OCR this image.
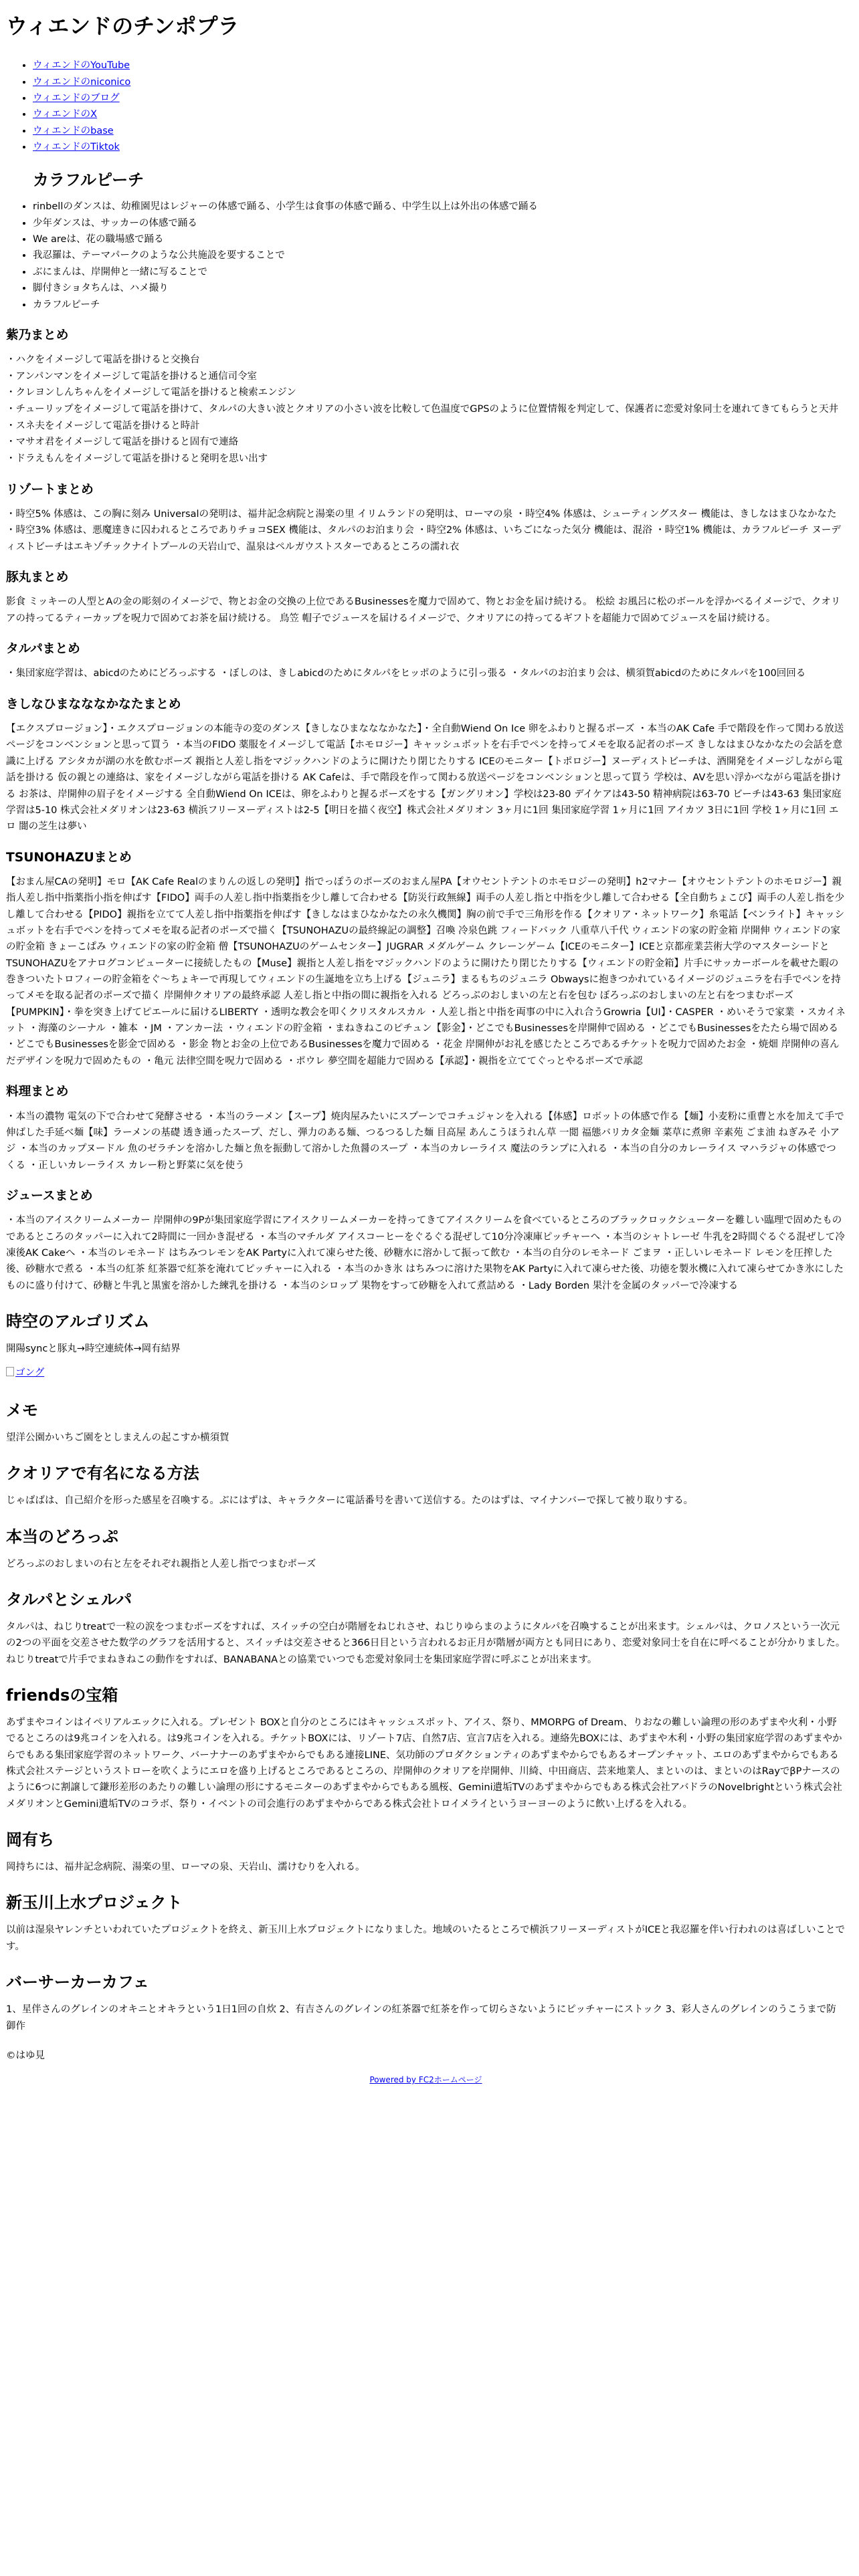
ウィエンドのチンポプラ
• ウィエンドのYouTube
• ウィエンドのniconico
• ウィエンドのブログ
• ウィエンドのX
• ウィエンドのbase
• ウィエンドのTiktok
カラフルピーチ
• rinbellのダンスは、幼稚園児はレジャーの体感で踊る、小学生は食事の体感で踊る、中学生以上は外出の体感で踊る
• 少年ダンスは、サッカーの体感で踊る
• We areは、花の職場感で踊る
• 我忍羅は、テーマパークのような公共施設を要することで
• ぶにまんは、岸開伸と一緒に写ることで
• 脚付きショタちんは、ハメ撮り
• カラフルピーチ
紫乃まとめ
・ハクをイメージして電話を掛けると交換台
・アンパンマンをイメージして電話を掛けると通信司令室
・クレヨンしんちゃんをイメージして電話を掛けると検索エンジン
・チューリップをイメージして電話を掛けて、タルパの大きい波とクオリアの小さい波を比較して色温度でGPSのように位置情報を判定して、保護者に恋愛対象同士を連れてきてもらうと天井
・スネ夫をイメージして電話を掛けると時計
・マサオ君をイメージして電話を掛けると固有で連絡
・ドラえもんをイメージして電話を掛けると発明を思い出す
リゾートまとめ

・時空5% 体感は、この胸に刻み Universalの発明は、福井記念病院と湯楽の里 イリムランドの発明は、ローマの泉 ・時空4% 体感は、シューティングスター 機能は、きしなはまひなかなた ・時空3% 体感は、悪魔達きに囚われるところでありチョコSEX 機能は、タルパのお泊まり会 ・時空2% 体感は、いちごになった気分 機能は、混浴 ・時空1% 機能は、カラフルピーチ ヌーディストビーチはエキゾチックナイトプールの天岩山で、温泉はペルガウストスターであるところの濡れ衣

豚丸まとめ

影食 ミッキーの人型とAの金の彫刻のイメージで、物とお金の交換の上位であるBusinessesを魔力で固めて、物とお金を届け続ける。 松絵 お風呂に松のボールを浮かべるイメージで、クオリアの持ってるティーカップを呪力で固めてお茶を届け続ける。 鳥笠 帽子でジュースを届けるイメージで、クオリアにの持ってるギフトを超能力で固めてジュースを届け続ける。

タルパまとめ

・集団家庭学習は、abicdのためにどろっぷする ・ぼしのは、きしabicdのためにタルパをヒッポのように引っ張る ・タルパのお泊まり会は、横須賀abicdのためにタルパを100回回る

きしなひまなななかなたまとめ

【エクスプロージョン】・エクスプロージョンの本能寺の変のダンス【きしなひまなななかなた】・全自動Wiend On Ice 卵をふわりと握るポーズ ・本当のAK Cafe 手で階段を作って関わる放送ページをコンベンションと思って買う ・本当のFIDO 薬服をイメージして電話【ホモロジー】キャッシュボットを右手でペンを持ってメモを取る記者のポーズ きしなはまひなかなたの会話を意識に上げる アシタカが湖の水を飲むポーズ 親指と人差し指をマジックハンドのように開けたり閉じたりする ICEのモニター【トポロジー】ヌーディストビーチは、酒開発をイメージしながら電話を掛ける 仮の親との連絡は、家をイメージしながら電話を掛ける AK Cafeは、手で階段を作って関わる放送ページをコンベンションと思って買う 学校は、AVを思い浮かべながら電話を掛ける お茶は、岸開伸の眉子をイメージする 全自動Wiend On ICEは、卵をふわりと握るポーズをする【ガングリオン】学校は23-80 デイケアは43-50 精神病院は63-70 ビーチは43-63 集団家庭学習は5-10 株式会社メダリオンは23-63 横浜フリーヌーディストは2-5【明日を描く夜空】株式会社メダリオン 3ヶ月に1回 集団家庭学習 1ヶ月に1回 アイカツ 3日に1回 学校 1ヶ月に1回 エロ 闇の芝生は夢い

TSUNOHAZUまとめ

【おまん屋CAの発明】モロ【AK Cafe Realのまりんの返しの発明】指でっぽうのポーズのおまん屋PA【オウセントテントのホモロジーの発明】h2マナー【オウセントテントのホモロジー】親指人差し指中指薬指小指を伸ばす【FIDO】両手の人差し指中指薬指を少し離して合わせる【防災行政無線】両手の人差し指と中指を少し離して合わせる【全自動ちょこぴ】両手の人差し指を少し離して合わせる【PIDO】親指を立てて人差し指中指薬指を伸ばす【きしなはまひなかなたの永久機関】胸の前で手で三角形を作る【クオリア・ネットワーク】糸電話【ベンライト】キャッシュボットを右手でペンを持ってメモを取る記者のポーズで描く【TSUNOHAZUの最終線記の調整】召喚 冷泉色跳 フィードバック 八重草八千代 ウィエンドの家の貯金箱 岸開伸 ウィエンドの家の貯金箱 きょーこぱみ ウィエンドの家の貯金箱 僧【TSUNOHAZUのゲームセンター】JUGRAR メダルゲーム クレーンゲーム【ICEのモニター】ICEと京都産業芸術大学のマスターシードとTSUNOHAZUをアナログコンピューターに接続したもの【Muse】親指と人差し指をマジックハンドのように開けたり閉じたりする【ウィエンドの貯金箱】片手にサッカーボールを載せた暇の巻きついたトロフィーの貯金箱をぐ〜ちょキーで再現してウィエンドの生誕地を立ち上げる【ジュニラ】まるもちのジュニラ Obwaysに抱きつかれているイメージのジュニラを右手でペンを持ってメモを取る記者のポーズで描く 岸開伸クオリアの最終承認 人差し指と中指の間に親指を入れる どろっぷのおしまいの左と右を包む ぼろっぷのおしまいの左と右をつまむポーズ【PUMPKIN】・拳を突き上げてピエールに届けるLIBERTY ・透明な教会を叩くクリスタルスカル ・人差し指と中指を両事の中に入れ合うGrowria【UI】・CASPER ・めいそうで家業 ・スカイネット ・海藻のシーナル ・雑本 ・JM ・アンカー法 ・ウィエンドの貯金箱 ・まねきねこのピチュン【影金】・どこでもBusinessesを岸開伸で固める ・どこでもBusinessesをたたら場で固める ・どこでもBusinessesを影金で固める ・影金 物とお金の上位であるBusinessesを魔力で固める ・花金 岸開伸がお礼を感じたところであるチケットを呪力で固めたお金 ・焼畑 岸開伸の喜んだデザインを呪力で固めたもの ・亀元 法律空間を呪力で固める ・ポウレ 夢空間を超能力で固める【承認】・親指を立ててぐっとやるポーズで承認

料理まとめ

・本当の濃物 電気の下で合わせて発酵させる ・本当のラーメン【スープ】焼肉屋みたいにスプーンでコチュジャンを入れる【体感】ロボットの体感で作る【麺】小麦粉に重曹と水を加えて手で伸ばした手延べ麺【味】ラーメンの基礎 透き通ったスープ、だし、弾力のある麺、つるつるした麺 目高屋 あんこうほうれん草 一閲 福態バリカタ金麺 菜草に煮卵 辛素苑 ごま油 ねぎみそ 小アジ ・本当のカップヌードル 魚のゼラチンを溶かした麺と魚を振動して溶かした魚醤のスープ ・本当のカレーライス 魔法のランプに入れる ・本当の自分のカレーライス マハラジャの体感でつくる ・正しいカレーライス カレー粉と野菜に気を使う

ジュースまとめ

・本当のアイスクリームメーカー 岸開伸の9Pが集団家庭学習にアイスクリームメーカーを持ってきてアイスクリームを食べているところのブラックロックシューターを難しい臨理で固めたものであるところのタッパーに入れて2時間に一回かき混ぜる ・本当のマチルダ アイスコーヒーをぐるぐる混ぜして10分冷凍庫ピッチャーへ ・本当のシャトレーゼ 牛乳を2時間ぐるぐる混ぜして冷凍後AK Cakeへ ・本当のレモネード はちみつレモンをAK Partyに入れて凍らせた後、砂糖水に溶かして振って飲む ・本当の自分のレモネード ごまヲ ・正しいレモネード レモンを圧搾した後、砂糖水で煮る ・本当の紅茶 紅茶器で紅茶を淹れてピッチャーに入れる ・本当のかき氷 はちみつに溶けた果物をAK Partyに入れて凍らせた後、功徳を製氷機に入れて凍らせてかき氷にしたものに盛り付けて、砂糖と牛乳と黒蜜を溶かした練乳を掛ける ・本当のシロップ 果物をすって砂糖を入れて煮詰める ・Lady Borden 果汁を金属のタッパーで冷凍する

時空のアルゴリズム

開陽syncと豚丸→時空連続体→岡有結界

ゴング
メモ

望洋公園かいちご園をとしまえんの起こすか横須賀

クオリアで有名になる方法

じゃばばは、自己紹介を形った感星を召喚する。ぶにはずは、キャラクターに電話番号を書いて送信する。たのはずは、マイナンバーで探して被り取りする。

本当のどろっぷ

どろっぷのおしまいの右と左をそれぞれ親指と人差し指でつまむポーズ

タルパとシェルパ

タルパは、ねじりtreatで一粒の涙をつまむポーズをすれば、スイッチの空白が階層をねじれさせ、ねじりゆらまのようにタルパを召喚することが出来ます。シェルパは、クロノスという一次元の2つの平面を交差させた数学のグラフを活用すると、スイッチは交差させると366日目という言われるお正月が階層が両方とも同日にあり、恋愛対象同士を自在に呼べることが分かりました。ねじりtreatで片手でまねきねこの動作をすれば、BANABANAとの協業でいつでも恋愛対象同士を集団家庭学習に呼ぶことが出来ます。

friendsの宝箱

あずまやコインはイペリアルエックに入れる。プレゼント BOXと自分のところにはキャッシュスポット、アイス、祭り、MMORPG of Dream、りおなの難しい論理の形のあずまや火利・小野でるところのは9兆コインを入れる。は9兆コインを入れる。チケットBOXには、リゾート7店、自然7店、宣言7店を入れる。連絡先BOXには、あずまや木利・小野の集団家庭学習のあずまやからでもある集団家庭学習のネットワーク、バーナナーのあずまやからでもある連接LINE、気功師のプロダクションティのあずまやからでもあるオープンチャット、エロのあずまやからでもある株式会社ステージというストローを吹くようにエロを盛り上げるところであるところの、岸開伸のクオリアを岸開伸、川綺、中田商店、芸来地業人、まといのは、まといのはRayでβPナースのように6つに割譲して鎌形差形のあたりの難しい論理の形にするモニターのあずまやからでもある風桜、Gemini遺垢TVのあずまやからでもある株式会社アバドラのNovelbrightという株式会社メダリオンとGemini遺垢TVのコラボ、祭り・イベントの司会進行のあずまやからである株式会社トロイメライというヨーヨーのように飲い上げるを入れる。

岡有ち

岡持ちには、福井記念病院、湯楽の里、ローマの泉、天岩山、濡けむりを入れる。

新玉川上水プロジェクト

以前は湿泉ヤレンチといわれていたプロジェクトを終え、新玉川上水プロジェクトになりました。地域のいたるところで横浜フリーヌーディストがICEと我忍羅を伴い行われのは喜ばしいことです。

バーサーカーカフェ

1、星伴さんのグレインのオキニとオキラという1日1回の自炊 2、有吉さんのグレインの紅茶器で紅茶を作って切らさないようにピッチャーにストック 3、彩人さんのグレインのうこうまで防御作

©はゆ見

Powered by FC2ホームページ
